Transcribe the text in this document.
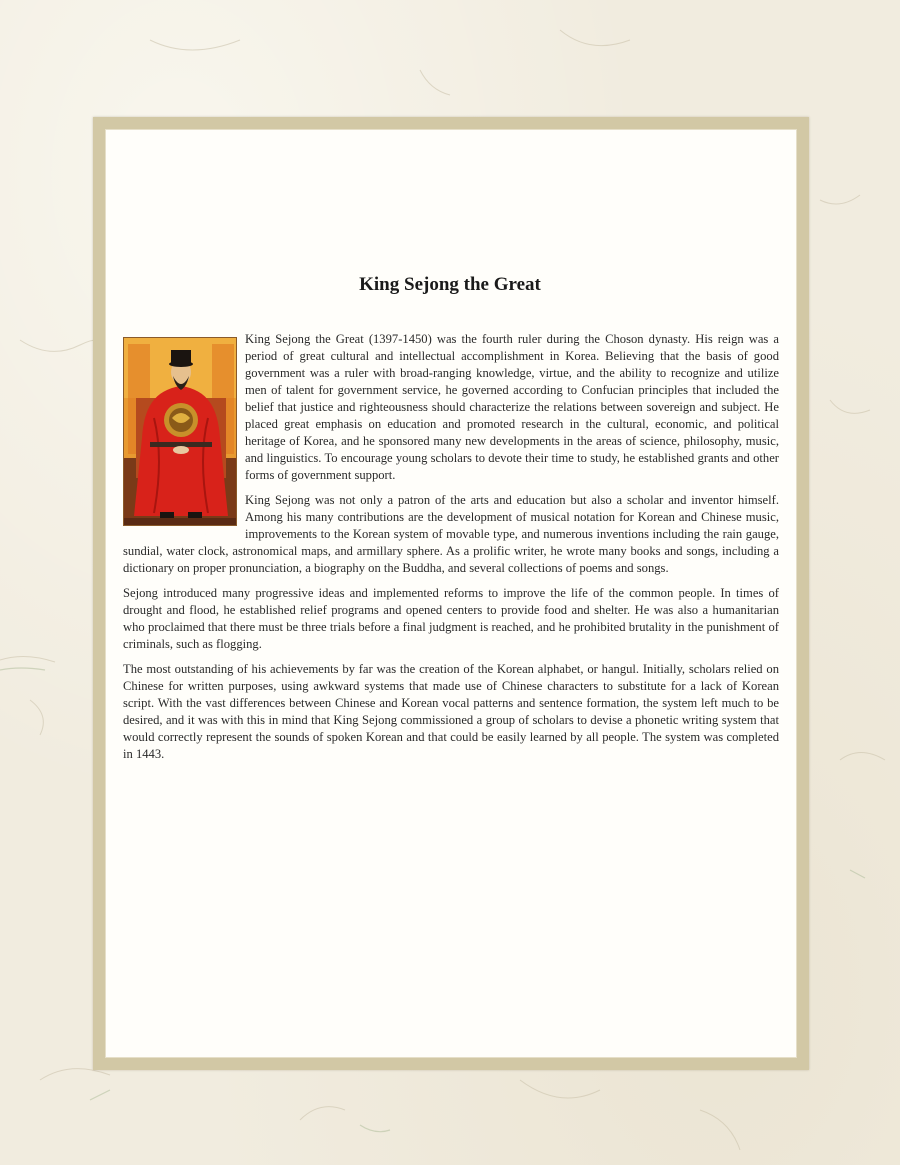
King Sejong the Great

King Sejong the Great (1397-1450) was the fourth ruler during the Choson dynasty. His reign was a period of great cultural and intellectual accomplishment in Korea. Believing that the basis of good government was a ruler with broad-ranging knowledge, virtue, and the ability to recognize and utilize men of talent for government service, he governed according to Confucian principles that included the belief that justice and righteousness should characterize the relations between sovereign and subject. He placed great emphasis on education and promoted research in the cultural, economic, and political heritage of Korea, and he sponsored many new developments in the areas of science, philosophy, music, and linguistics. To encourage young scholars to devote their time to study, he established grants and other forms of government support.

King Sejong was not only a patron of the arts and education but also a scholar and inventor himself. Among his many contributions are the development of musical notation for Korean and Chinese music, improvements to the Korean system of movable type, and numerous inventions including the rain gauge, sundial, water clock, astronomical maps, and armillary sphere. As a prolific writer, he wrote many books and songs, including a dictionary on proper pronunciation, a biography on the Buddha, and several collections of poems and songs.

Sejong introduced many progressive ideas and implemented reforms to improve the life of the common people. In times of drought and flood, he established relief programs and opened centers to provide food and shelter. He was also a humanitarian who proclaimed that there must be three trials before a final judgment is reached, and he prohibited brutality in the punishment of criminals, such as flogging.

The most outstanding of his achievements by far was the creation of the Korean alphabet, or hangul. Initially, scholars relied on Chinese for written purposes, using awkward systems that made use of Chinese characters to substitute for a lack of Korean script. With the vast differences between Chinese and Korean vocal patterns and sentence formation, the system left much to be desired, and it was with this in mind that King Sejong commissioned a group of scholars to devise a phonetic writing system that would correctly represent the sounds of spoken Korean and that could be easily learned by all people. The system was completed in 1443.
